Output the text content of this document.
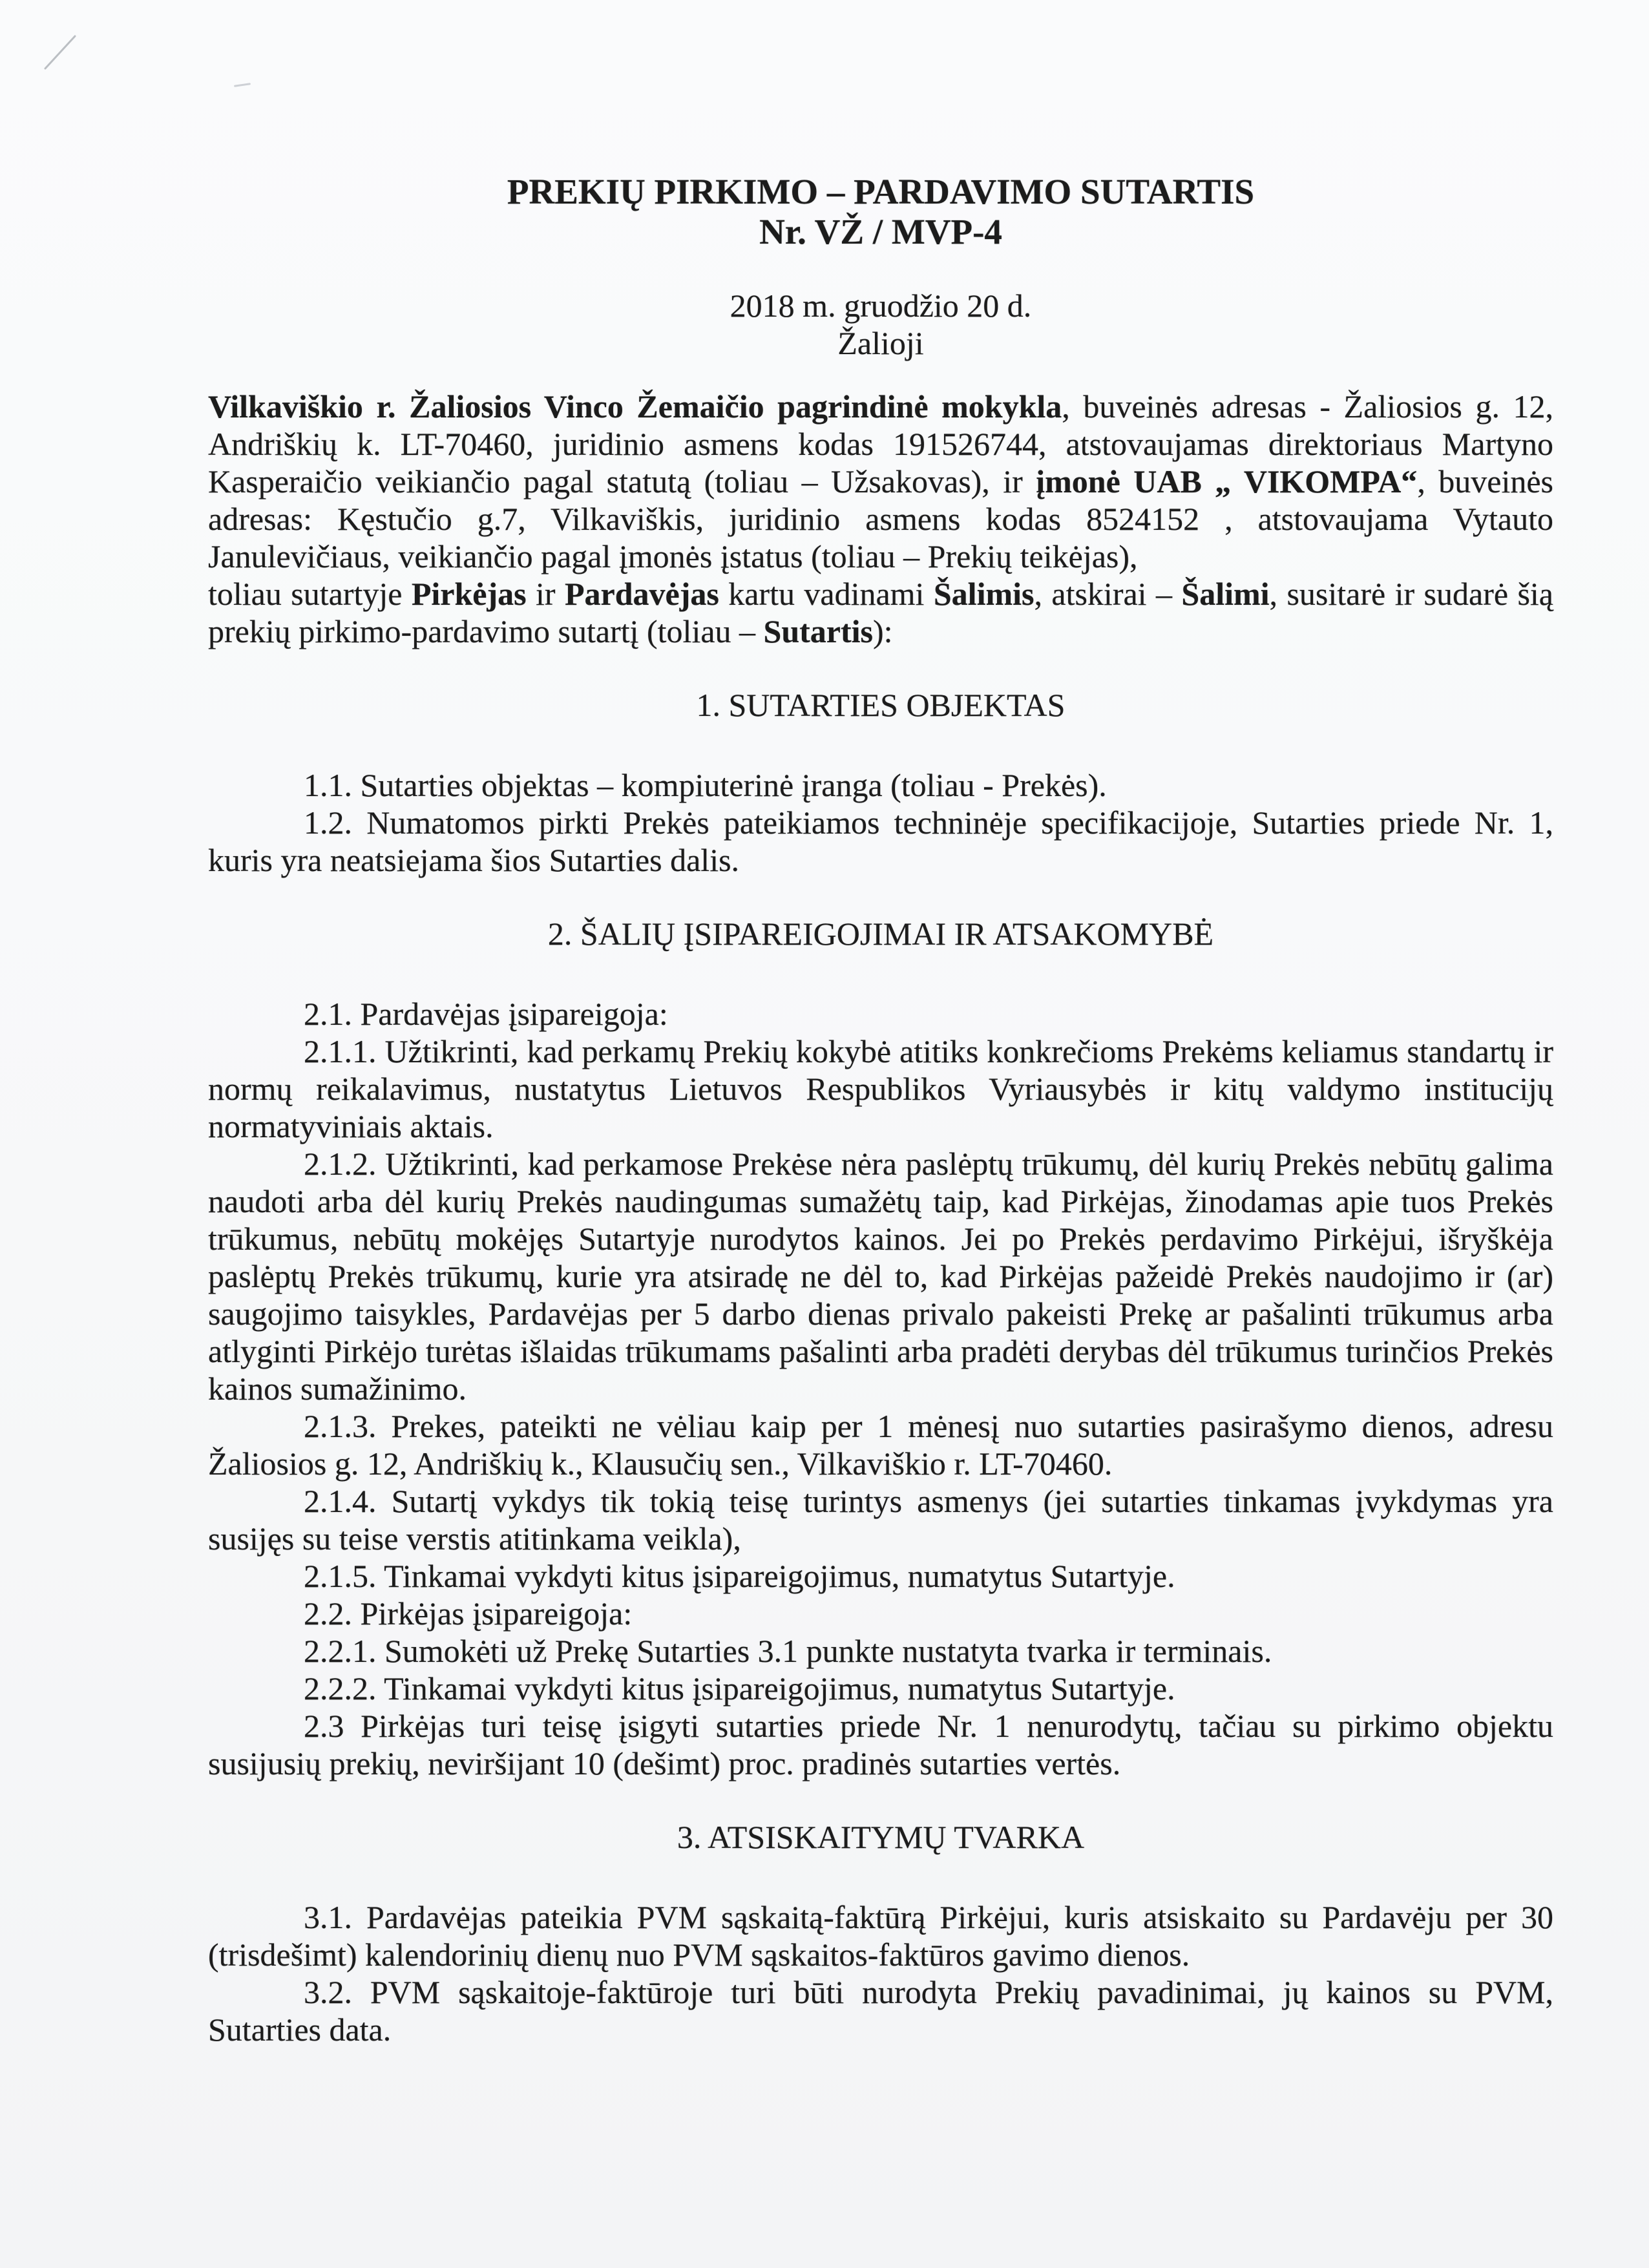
PREKIŲ PIRKIMO – PARDAVIMO SUTARTIS
Nr. VŽ / MVP-4
2018 m. gruodžio 20 d.
Žalioji

Vilkaviškio r. Žaliosios Vinco Žemaičio pagrindinė mokykla, buveinės adresas - Žaliosios g. 12, Andriškių k. LT-70460, juridinio asmens kodas 191526744, atstovaujamas direktoriaus Martyno Kasperaičio veikiančio pagal statutą (toliau – Užsakovas), ir įmonė UAB „ VIKOMPA“, buveinės adresas: Kęstučio g.7, Vilkaviškis, juridinio asmens kodas 8524152 , atstovaujama Vytauto Janulevičiaus, veikiančio pagal įmonės įstatus (toliau – Prekių teikėjas),

toliau sutartyje Pirkėjas ir Pardavėjas kartu vadinami Šalimis, atskirai – Šalimi, susitarė ir sudarė šią prekių pirkimo-pardavimo sutartį (toliau – Sutartis):

1. SUTARTIES OBJEKTAS

1.1. Sutarties objektas – kompiuterinė įranga (toliau - Prekės).

1.2. Numatomos pirkti Prekės pateikiamos techninėje specifikacijoje, Sutarties priede Nr. 1, kuris yra neatsiejama šios Sutarties dalis.

2. ŠALIŲ ĮSIPAREIGOJIMAI IR ATSAKOMYBĖ

2.1. Pardavėjas įsipareigoja:

2.1.1. Užtikrinti, kad perkamų Prekių kokybė atitiks konkrečioms Prekėms keliamus standartų ir normų reikalavimus, nustatytus Lietuvos Respublikos Vyriausybės ir kitų valdymo institucijų normatyviniais aktais.

2.1.2. Užtikrinti, kad perkamose Prekėse nėra paslėptų trūkumų, dėl kurių Prekės nebūtų galima naudoti arba dėl kurių Prekės naudingumas sumažėtų taip, kad Pirkėjas, žinodamas apie tuos Prekės trūkumus, nebūtų mokėjęs Sutartyje nurodytos kainos. Jei po Prekės perdavimo Pirkėjui, išryškėja paslėptų Prekės trūkumų, kurie yra atsiradę ne dėl to, kad Pirkėjas pažeidė Prekės naudojimo ir (ar) saugojimo taisykles, Pardavėjas per 5 darbo dienas privalo pakeisti Prekę ar pašalinti trūkumus arba atlyginti Pirkėjo turėtas išlaidas trūkumams pašalinti arba pradėti derybas dėl trūkumus turinčios Prekės kainos sumažinimo.

2.1.3. Prekes, pateikti ne vėliau kaip per 1 mėnesį nuo sutarties pasirašymo dienos, adresu Žaliosios g. 12, Andriškių k., Klausučių sen., Vilkaviškio r. LT-70460.

2.1.4. Sutartį vykdys tik tokią teisę turintys asmenys (jei sutarties tinkamas įvykdymas yra susijęs su teise verstis atitinkama veikla),

2.1.5. Tinkamai vykdyti kitus įsipareigojimus, numatytus Sutartyje.

2.2. Pirkėjas įsipareigoja:

2.2.1. Sumokėti už Prekę Sutarties 3.1 punkte nustatyta tvarka ir terminais.

2.2.2. Tinkamai vykdyti kitus įsipareigojimus, numatytus Sutartyje.

2.3 Pirkėjas turi teisę įsigyti sutarties priede Nr. 1 nenurodytų, tačiau su pirkimo objektu susijusių prekių, neviršijant 10 (dešimt) proc. pradinės sutarties vertės.

3. ATSISKAITYMŲ TVARKA

3.1. Pardavėjas pateikia PVM sąskaitą-faktūrą Pirkėjui, kuris atsiskaito su Pardavėju per 30 (trisdešimt) kalendorinių dienų nuo PVM sąskaitos-faktūros gavimo dienos.

3.2. PVM sąskaitoje-faktūroje turi būti nurodyta Prekių pavadinimai, jų kainos su PVM, Sutarties data.
